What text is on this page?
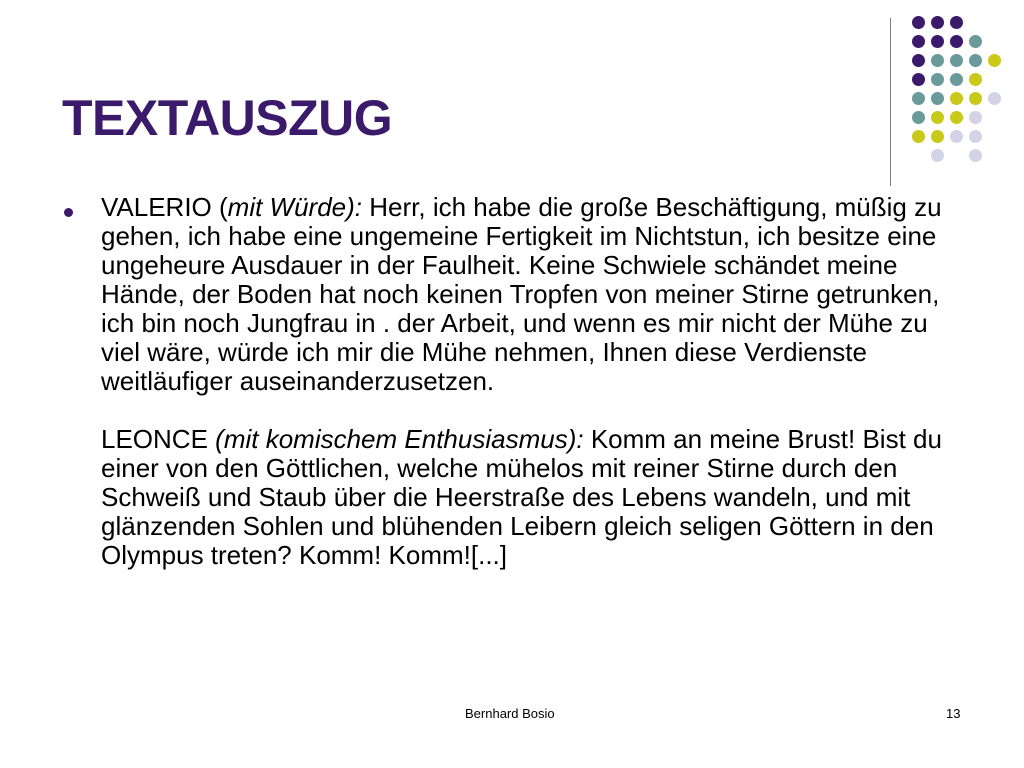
TEXTAUSZUG
VALERIO (mit Würde): Herr, ich habe die große Beschäftigung, müßig zu gehen, ich habe eine ungemeine Fertigkeit im Nichtstun, ich besitze eine ungeheure Ausdauer in der Faulheit. Keine Schwiele schändet meine Hände, der Boden hat noch keinen Tropfen von meiner Stirne getrunken, ich bin noch Jungfrau in . der Arbeit, und wenn es mir nicht der Mühe zu viel wäre, würde ich mir die Mühe nehmen, Ihnen diese Verdienste weitläufiger auseinanderzusetzen.
LEONCE (mit komischem Enthusiasmus): Komm an meine Brust! Bist du einer von den Göttlichen, welche mühelos mit reiner Stirne durch den Schweiß und Staub über die Heerstraße des Lebens wandeln, und mit glänzenden Sohlen und blühenden Leibern gleich seligen Göttern in den Olympus treten? Komm! Komm![...]
Bernhard Bosio	13
